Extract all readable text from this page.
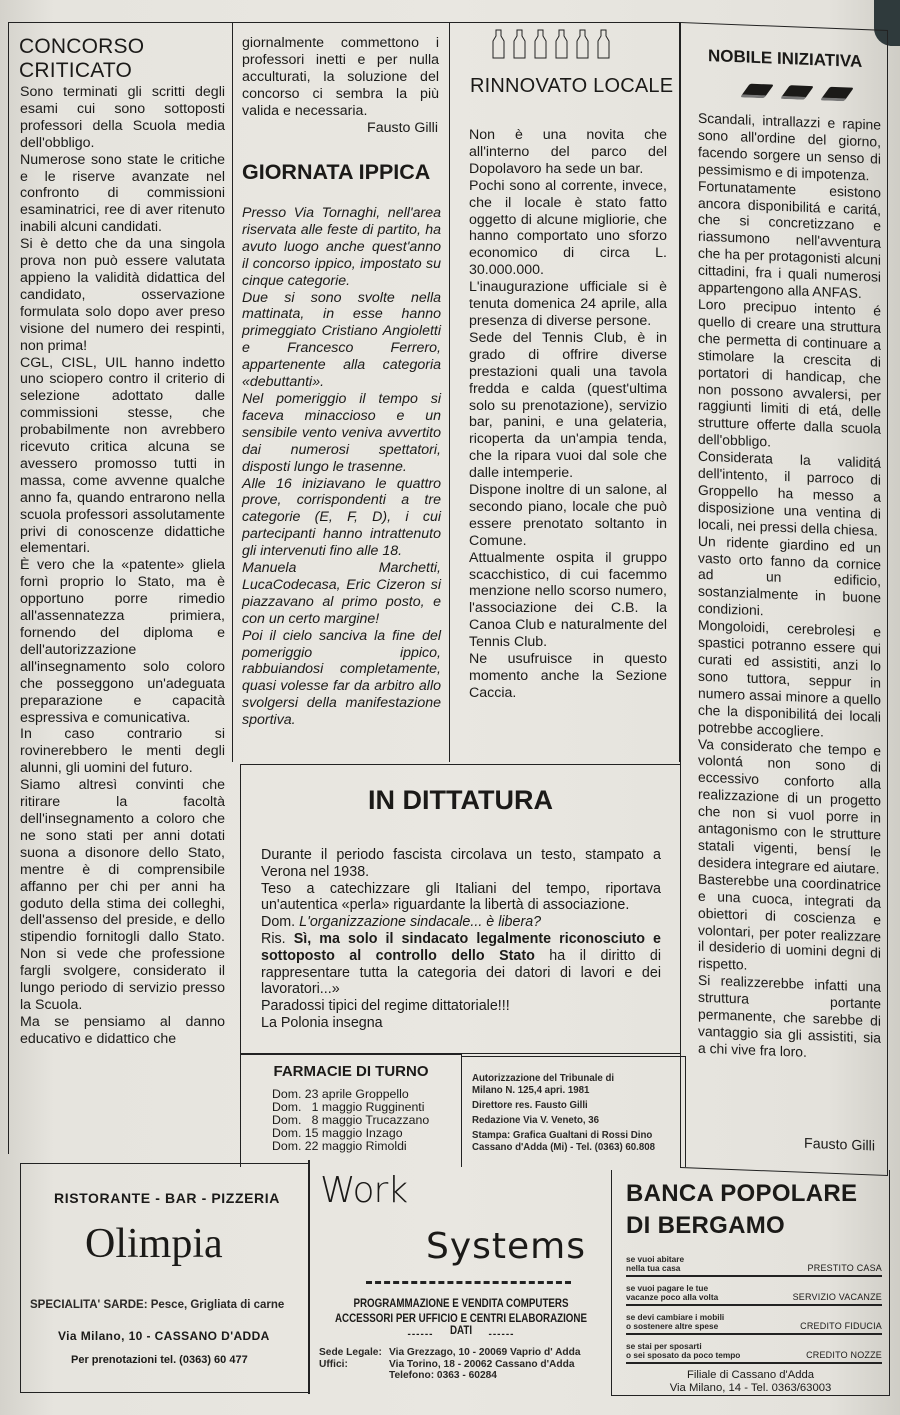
CONCORSO CRITICATO

Sono terminati gli scritti degli esami cui sono sottoposti professori della Scuola media dell'obbligo.

Numerose sono state le critiche e le riserve avanzate nel confronto di commissioni esaminatrici, ree di aver ritenuto inabili alcuni candidati.

Si è detto che da una singola prova non può essere valutata appieno la validità didattica del candidato, osservazione formulata solo dopo aver preso visione del numero dei respinti, non prima!

CGL, CISL, UIL hanno indetto uno sciopero contro il criterio di selezione adottato dalle commissioni stesse, che probabilmente non avrebbero ricevuto critica alcuna se avessero promosso tutti in massa, come avvenne qualche anno fa, quando entrarono nella scuola professori assolutamente privi di conoscenze didattiche elementari.

È vero che la «patente» gliela fornì proprio lo Stato, ma è opportuno porre rimedio all'assennatezza primiera, fornendo del diploma e dell'autorizzazione all'insegnamento solo coloro che posseggono un'adeguata preparazione e capacità espressiva e comunicativa.

In caso contrario si rovinerebbero le menti degli alunni, gli uomini del futuro.

Siamo altresì convinti che ritirare la facoltà dell'insegnamento a coloro che ne sono stati per anni dotati suona a disonore dello Stato, mentre è di comprensibile affanno per chi per anni ha goduto della stima dei colleghi, dell'assenso del preside, e dello stipendio fornitogli dallo Stato. Non si vede che professione fargli svolgere, considerato il lungo periodo di servizio presso la Scuola.

Ma se pensiamo al danno educativo e didattico che

giornalmente commettono i professori inetti e per nulla acculturati, la soluzione del concorso ci sembra la più valida e necessaria.
Fausto Gilli
GIORNATA IPPICA

Presso Via Tornaghi, nell'area riservata alle feste di partito, ha avuto luogo anche quest'anno il concorso ippico, impostato su cinque categorie.

Due si sono svolte nella mattinata, in esse hanno primeggiato Cristiano Angioletti e Francesco Ferrero, appartenente alla categoria «debuttanti».

Nel pomeriggio il tempo si faceva minaccioso e un sensibile vento veniva avvertito dai numerosi spettatori, disposti lungo le trasenne.

Alle 16 iniziavano le quattro prove, corrispondenti a tre categorie (E, F, D), i cui partecipanti hanno intrattenuto gli intervenuti fino alle 18.

Manuela Marchetti, LucaCodecasa, Eric Cizeron si piazzavano al primo posto, e con un certo margine!

Poi il cielo sanciva la fine del pomeriggio ippico, rabbuiandosi completamente, quasi volesse far da arbitro allo svolgersi della manifestazione sportiva.

RINNOVATO LOCALE

Non è una novita che all'interno del parco del Dopolavoro ha sede un bar.

Pochi sono al corrente, invece, che il locale è stato fatto oggetto di alcune migliorie, che hanno comportato uno sforzo economico di circa L. 30.000.000.

L'inaugurazione ufficiale si è tenuta domenica 24 aprile, alla presenza di diverse persone.

Sede del Tennis Club, è in grado di offrire diverse prestazioni quali una tavola fredda e calda (quest'ultima solo su prenotazione), servizio bar, panini, e una gelateria, ricoperta da un'ampia tenda, che la ripara vuoi dal sole che dalle intemperie.

Dispone inoltre di un salone, al secondo piano, locale che può essere prenotato soltanto in Comune.

Attualmente ospita il gruppo scacchistico, di cui facemmo menzione nello scorso numero, l'associazione dei C.B. la Canoa Club e naturalmente del Tennis Club.

Ne usufruisce in questo momento anche la Sezione Caccia.

NOBILE INIZIATIVA

Scandali, intrallazzi e rapine sono all'ordine del giorno, facendo sorgere un senso di pessimismo e di impotenza.

Fortunatamente esistono ancora disponibilitá e caritá, che si concretizzano e riassumono nell'avventura che ha per protagonisti alcuni cittadini, fra i quali numerosi appartengono alla ANFAS.

Loro precipuo intento é quello di creare una struttura che permetta di continuare a stimolare la crescita di portatori di handicap, che non possono avvalersi, per raggiunti limiti di etá, delle strutture offerte dalla scuola dell'obbligo.

Considerata la validitá dell'intento, il parroco di Groppello ha messo a disposizione una ventina di locali, nei pressi della chiesa.

Un ridente giardino ed un vasto orto fanno da cornice ad un edificio, sostanzialmente in buone condizioni.

Mongoloidi, cerebrolesi e spastici potranno essere qui curati ed assistiti, anzi lo sono tuttora, seppur in numero assai minore a quello che la disponibilitá dei locali potrebbe accogliere.

Va considerato che tempo e volontá non sono di eccessivo conforto alla realizzazione di un progetto che non si vuol porre in antagonismo con le strutture statali vigenti, bensí le desidera integrare ed aiutare.

Basterebbe una coordinatrice e una cuoca, integrati da obiettori di coscienza e volontari, per poter realizzare il desiderio di uomini degni di rispetto.

Si realizzerebbe infatti una struttura portante permanente, che sarebbe di vantaggio sia gli assistiti, sia a chi vive fra loro.

Fausto Gilli
IN DITTATURA

Durante il periodo fascista circolava un testo, stampato a Verona nel 1938.

Teso a catechizzare gli Italiani del tempo, riportava un'autentica «perla» riguardante la libertà di associazione.

Dom. L'organizzazione sindacale... è libera?

Ris. Sì, ma solo il sindacato legalmente riconosciuto e sottoposto al controllo dello Stato ha il diritto di rappresentare tutta la categoria dei datori di lavori e dei lavoratori...»

Paradossi tipici del regime dittatoriale!!!

La Polonia insegna

FARMACIE DI TURNO
Dom. 23 aprile Groppello
Dom.   1 maggio Rugginenti
Dom.   8 maggio Trucazzano
Dom. 15 maggio Inzago
Dom. 22 maggio Rimoldi
Autorizzazione del Tribunale di
Milano N. 125,4 apri. 1981
Direttore res. Fausto Gilli
Redazione Via V. Veneto, 36
Stampa: Grafica Gualtani di Rossi Dino
Cassano d'Adda (Mi) - Tel. (0363) 60.808
RISTORANTE - BAR - PIZZERIA
Olimpia
SPECIALITA' SARDE: Pesce, Grigliata di carne
Via Milano, 10 - CASSANO D'ADDA
Per prenotazioni tel. (0363) 60 477
Work
Systems
PROGRAMMAZIONE E VENDITA COMPUTERS
ACCESSORI PER UFFICIO E CENTRI ELABORAZIONE DATI
------	------
Sede Legale: Via Grezzago, 10 - 20069 Vaprio d' Adda
Uffici:	Via Torino, 18 - 20062 Cassano d'Adda
Telefono: 0363 - 60284
BANCA POPOLARE
DI BERGAMO
se vuoi abitare
nella tua casa	PRESTITO CASA
se vuoi pagare le tue
vacanze poco alla volta	SERVIZIO VACANZE
se devi cambiare i mobili
o sostenere altre spese	CREDITO FIDUCIA
se stai per sposarti
o sei sposato da poco tempo	CREDITO NOZZE
Filiale di Cassano d'Adda
Via Milano, 14 - Tel. 0363/63003
